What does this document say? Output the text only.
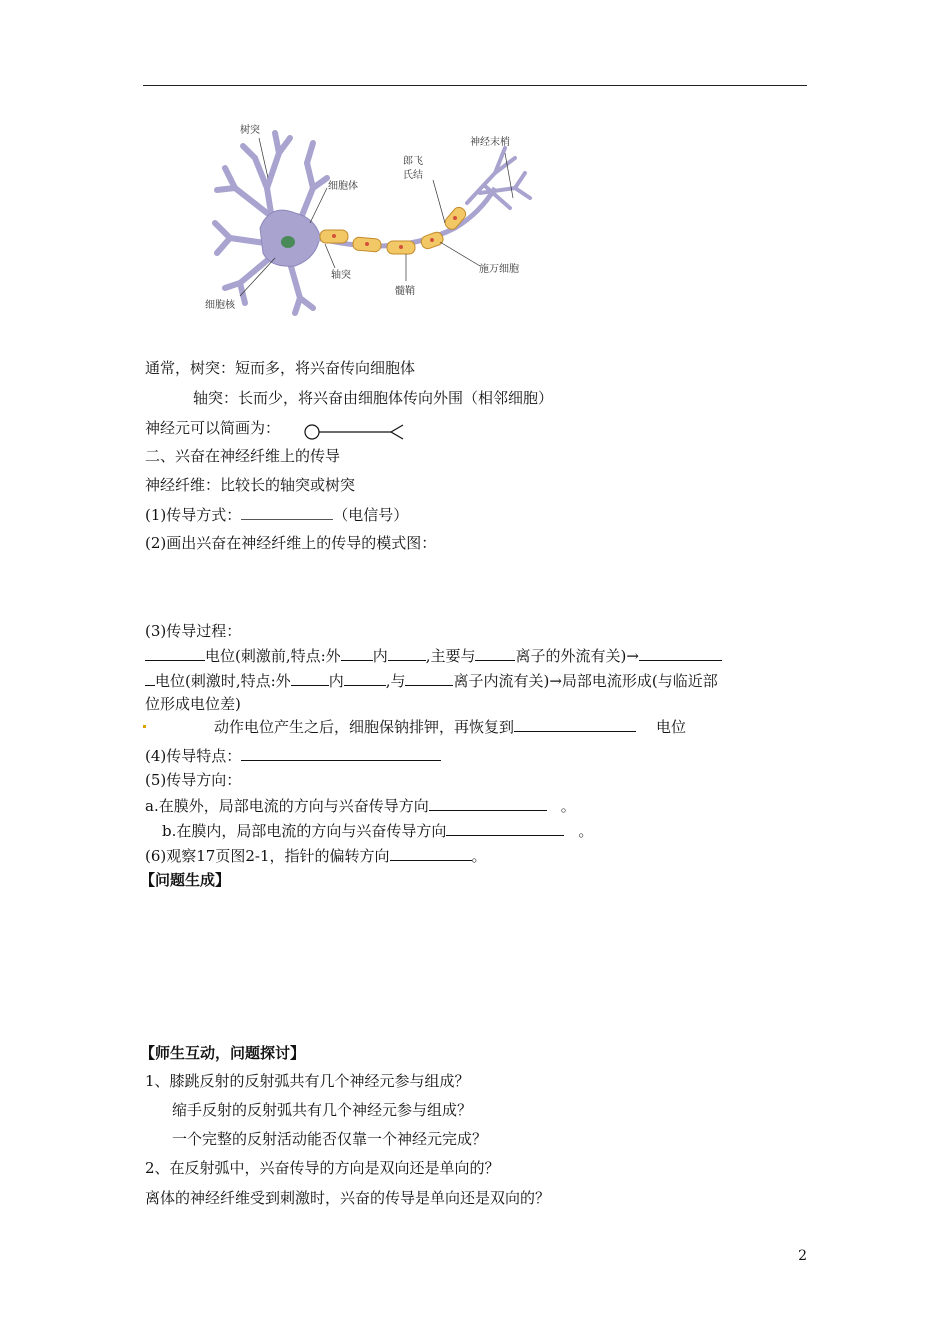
树突
细胞体
细胞核
轴突
髓鞘
郎飞
氏结
神经末梢
施万细胞
通常，树突：短而多，将兴奋传向细胞体
轴突：长而少，将兴奋由细胞体传向外围（相邻细胞）
神经元可以简画为：
二、兴奋在神经纤维上的传导
神经纤维：比较长的轴突或树突
(1)传导方式：	（电信号）
(2)画出兴奋在神经纤维上的传导的模式图：
(3)传导过程：
电位(刺激前,特点:外 内	,主要与	离子的外流有关)→
电位(刺激时,特点:外	内	,与	离子内流有关)→局部电流形成(与临近部
位形成电位差)
动作电位产生之后，细胞保钠排钾，再恢复到	电位
(4)传导特点：
(5)传导方向：
a.在膜外，局部电流的方向与兴奋传导方向	。
b.在膜内，局部电流的方向与兴奋传导方向	。
(6)观察17页图2-1，指针的偏转方向	。
【问题生成】
【师生互动，问题探讨】
1、膝跳反射的反射弧共有几个神经元参与组成？
缩手反射的反射弧共有几个神经元参与组成？
一个完整的反射活动能否仅靠一个神经元完成？
2、在反射弧中，兴奋传导的方向是双向还是单向的？
离体的神经纤维受到刺激时，兴奋的传导是单向还是双向的？
2
